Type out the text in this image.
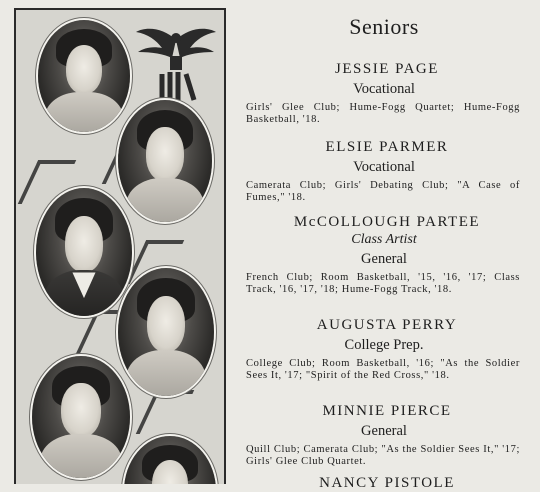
Seniors
JESSIE PAGE
Vocational
Girls' Glee Club; Hume-Fogg Quartet; Hume-Fogg Basketball, '18.
ELSIE PARMER
Vocational
Camerata Club; Girls' Debating Club; "A Case of Fumes," '18.
McCOLLOUGH PARTEE
Class Artist
General
French Club; Room Basketball, '15, '16, '17; Class Track, '16, '17, '18; Hume-Fogg Track, '18.
AUGUSTA PERRY
College Prep.
College Club; Room Basketball, '16; "As the Soldier Sees It, '17; "Spirit of the Red Cross," '18.
MINNIE PIERCE
General
Quill Club; Camerata Club; "As the Soldier Sees It," '17; Girls' Glee Club Quartet.
NANCY PISTOLE
